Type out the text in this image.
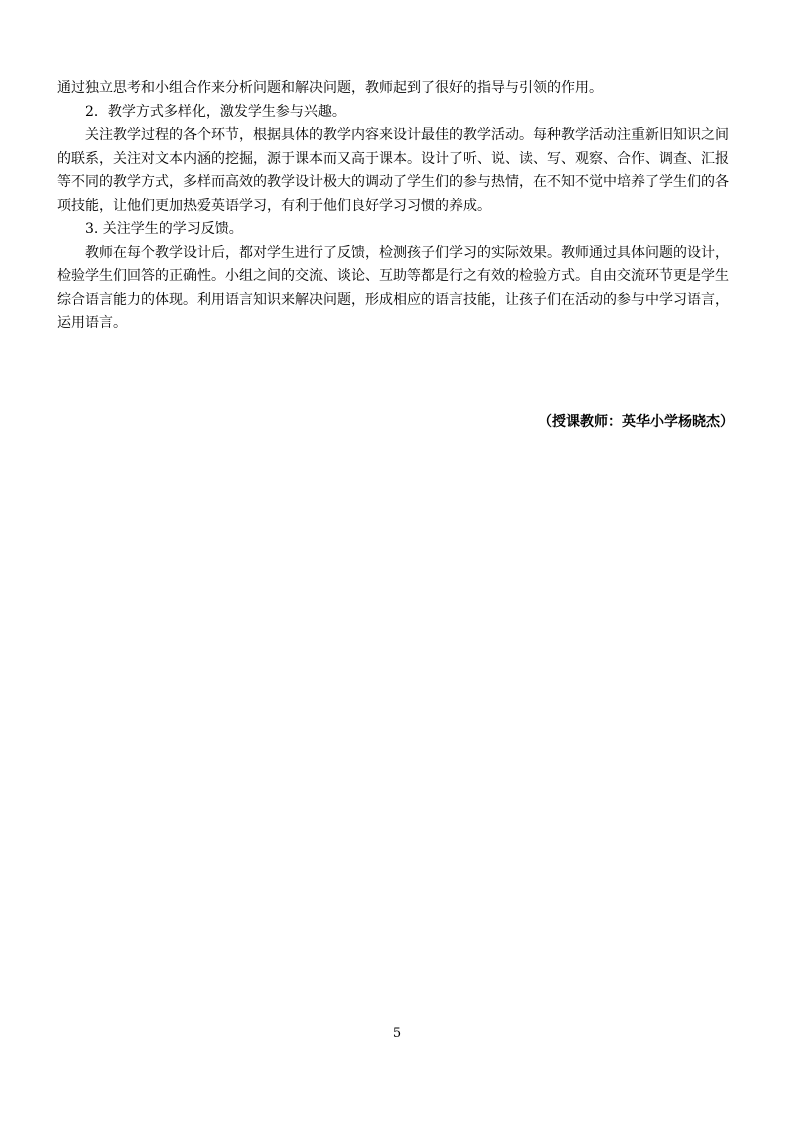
通过独立思考和小组合作来分析问题和解决问题，教师起到了很好的指导与引领的作用。
2．教学方式多样化，激发学生参与兴趣。
关注教学过程的各个环节，根据具体的教学内容来设计最佳的教学活动。每种教学活动注重新旧知识之间
的联系，关注对文本内涵的挖掘，源于课本而又高于课本。设计了听、说、读、写、观察、合作、调查、汇报
等不同的教学方式，多样而高效的教学设计极大的调动了学生们的参与热情，在不知不觉中培养了学生们的各
项技能，让他们更加热爱英语学习，有利于他们良好学习习惯的养成。
3. 关注学生的学习反馈。
教师在每个教学设计后，都对学生进行了反馈，检测孩子们学习的实际效果。教师通过具体问题的设计，
检验学生们回答的正确性。小组之间的交流、谈论、互助等都是行之有效的检验方式。自由交流环节更是学生
综合语言能力的体现。利用语言知识来解决问题，形成相应的语言技能，让孩子们在活动的参与中学习语言，
运用语言。
（授课教师：英华小学杨晓杰）
5
